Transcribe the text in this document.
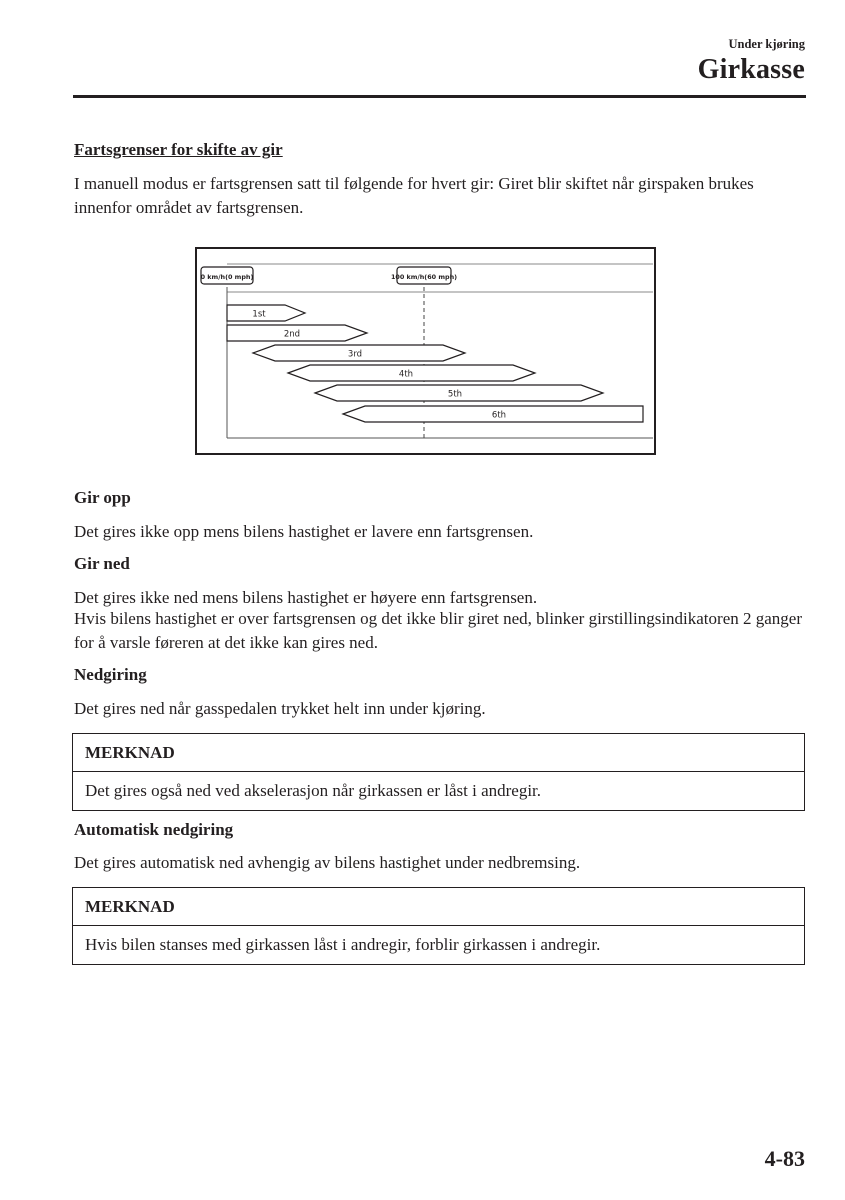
Under kjøring
Girkasse
Fartsgrenser for skifte av gir

I manuell modus er fartsgrensen satt til følgende for hvert gir: Giret blir skiftet når girspaken brukes innenfor området av fartsgrensen.

0 km/h(0 mph)	100 km/h(60 mph)
1st
2nd
3rd
4th
5th
6th
Gir opp

Det gires ikke opp mens bilens hastighet er lavere enn fartsgrensen.

Gir ned

Det gires ikke ned mens bilens hastighet er høyere enn fartsgrensen.

Hvis bilens hastighet er over fartsgrensen og det ikke blir giret ned, blinker girstillingsindikatoren 2 ganger for å varsle føreren at det ikke kan gires ned.

Nedgiring

Det gires ned når gasspedalen trykket helt inn under kjøring.

MERKNAD
Det gires også ned ved akselerasjon når girkassen er låst i andregir.
Automatisk nedgiring

Det gires automatisk ned avhengig av bilens hastighet under nedbremsing.

MERKNAD
Hvis bilen stanses med girkassen låst i andregir, forblir girkassen i andregir.
4-83
